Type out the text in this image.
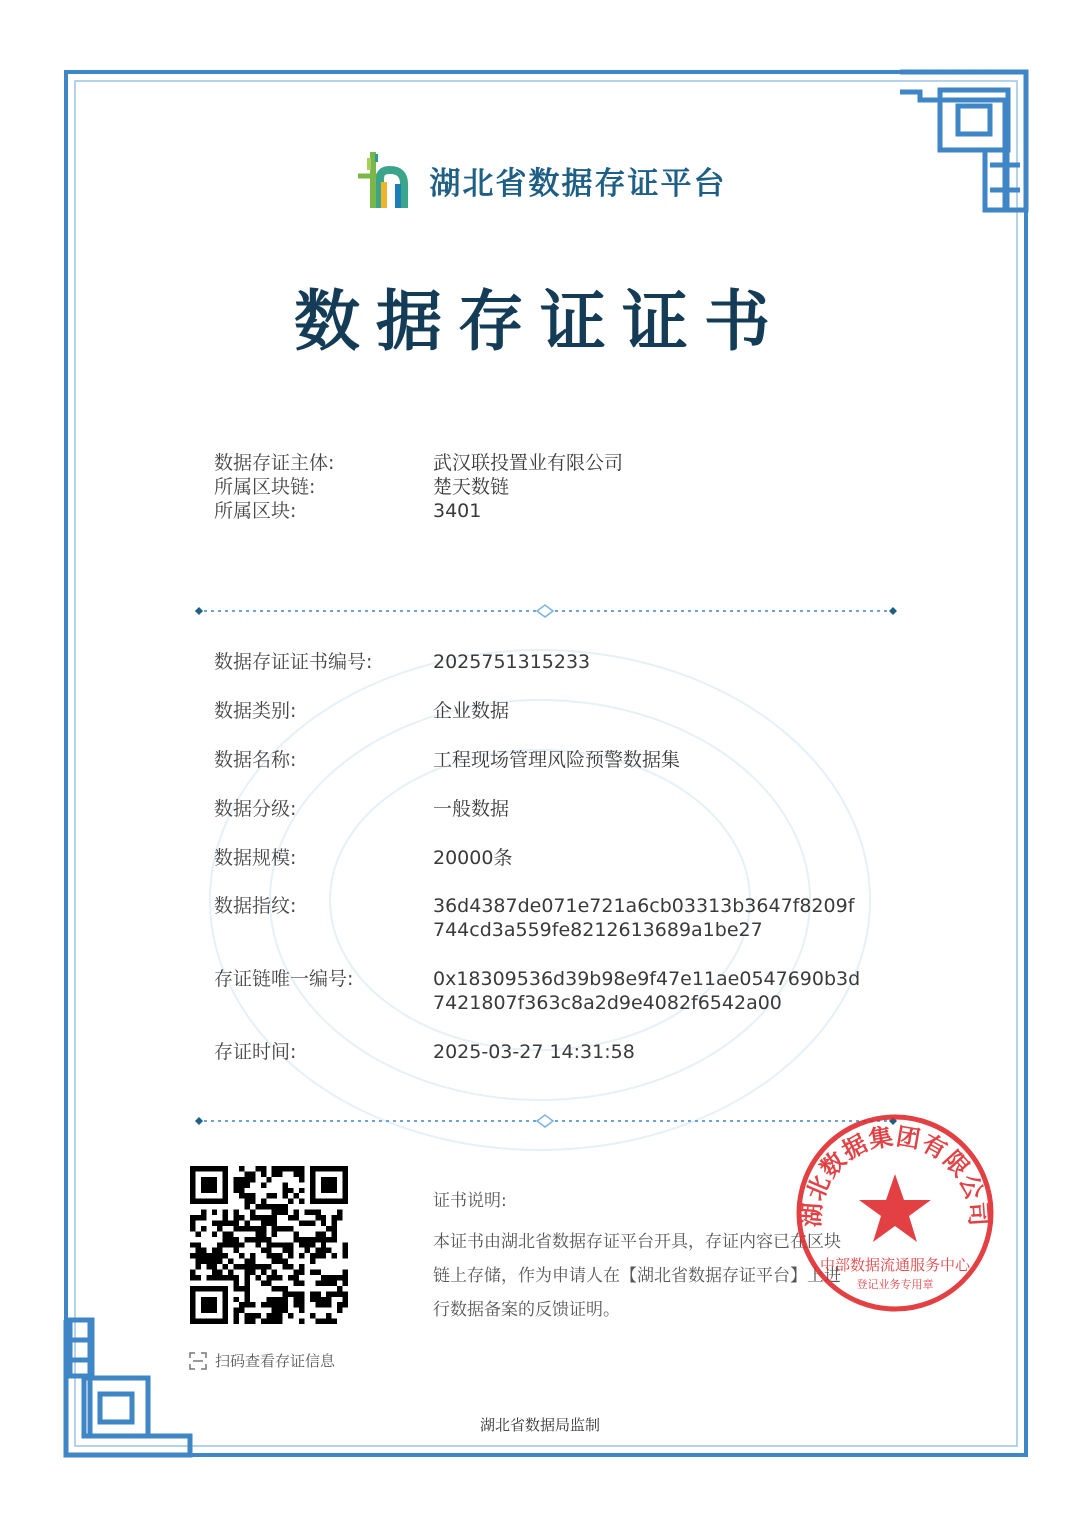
湖北省数据存证平台
数据存证证书
数据存证主体:	武汉联投置业有限公司
所属区块链:	楚天数链
所属区块:	3401
数据存证证书编号:	2025751315233
数据类别:	企业数据
数据名称:	工程现场管理风险预警数据集
数据分级:	一般数据
数据规模:	20000条
数据指纹:	36d4387de071e721a6cb03313b3647f8209f
744cd3a559fe8212613689a1be27
存证链唯一编号:	0x18309536d39b98e9f47e11ae0547690b3d
7421807f363c8a2d9e4082f6542a00
存证时间:	2025-03-27 14:31:58
扫码查看存证信息
证书说明:
本证书由湖北省数据存证平台开具，存证内容已在区块
链上存储，作为申请人在【湖北省数据存证平台】上进
行数据备案的反馈证明。
湖北数据集团有限公司
中部数据流通服务中心
登记业务专用章
湖北省数据局监制
